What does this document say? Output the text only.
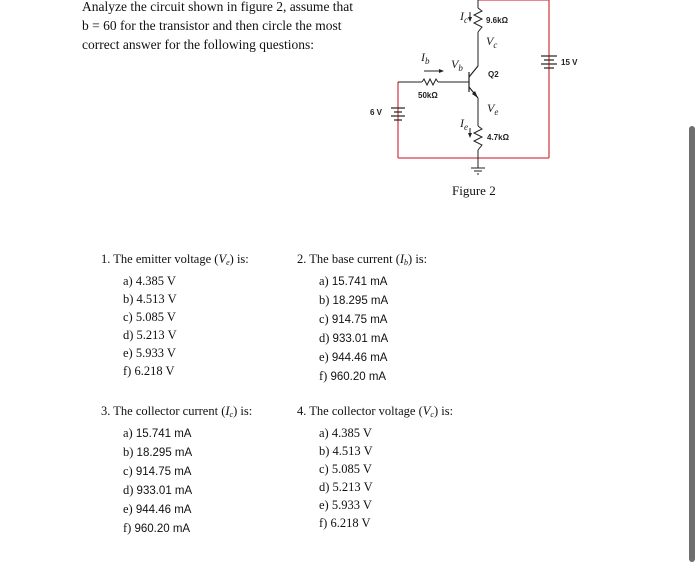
Analyze the circuit shown in figure 2, assume that
b = 60 for the transistor and then circle the most
correct answer for the following questions:
9.6kΩ
50kΩ
4.7kΩ
Q2
6 V
15 V
$I_c$
$I_b$
$I_e$
$V_c$
$V_b$
$V_e$
Figure 2
1. The emitter voltage $(V_e)$ is:
a) 4.385 V
b) 4.513 V
c) 5.085 V
d) 5.213 V
e) 5.933 V
f) 6.218 V
2. The base current $(I_b)$ is:
a) 15.741 mA
b) 18.295 mA
c) 914.75 mA
d) 933.01 mA
e) 944.46 mA
f) 960.20 mA
3. The collector current $(I_c)$ is:
a) 15.741 mA
b) 18.295 mA
c) 914.75 mA
d) 933.01 mA
e) 944.46 mA
f) 960.20 mA
4. The collector voltage $(V_c)$ is:
a) 4.385 V
b) 4.513 V
c) 5.085 V
d) 5.213 V
e) 5.933 V
f) 6.218 V
